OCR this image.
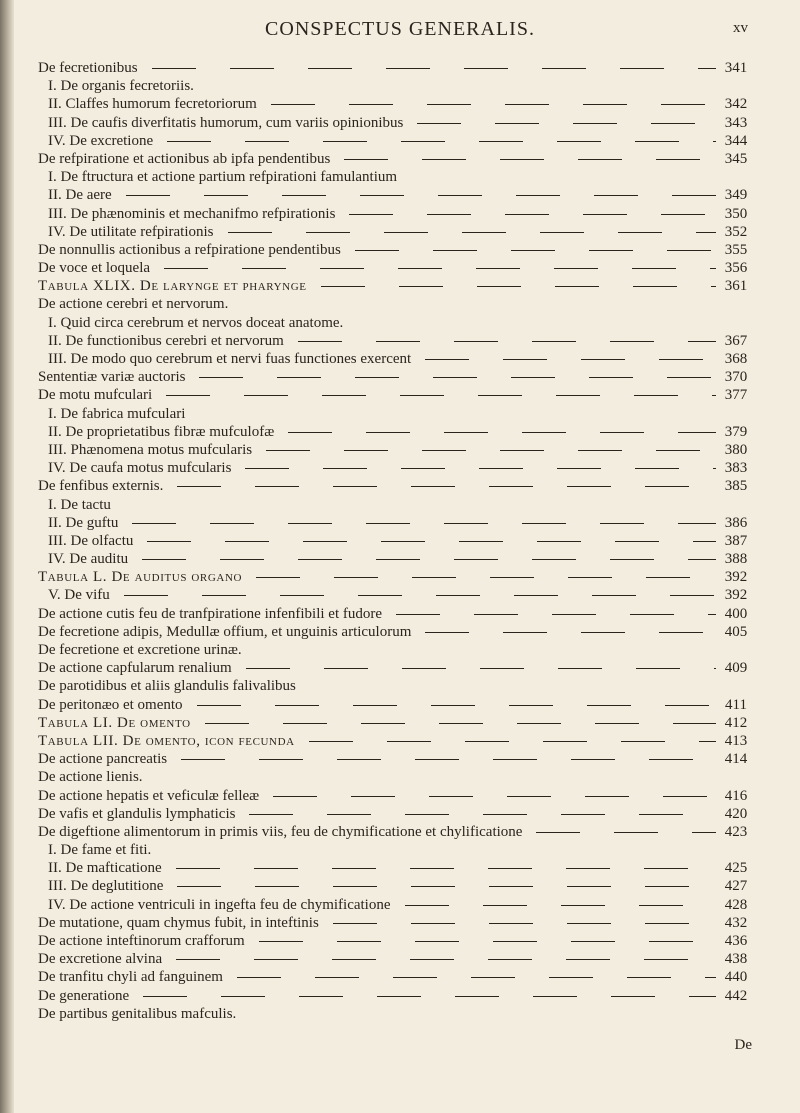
CONSPECTUS GENERALIS.	xv
De fecretionibus	341
I. De organis fecretoriis.
II. Claffes humorum fecretoriorum	342
III. De caufis diverfitatis humorum, cum variis opinionibus	343
IV. De excretione	344
De refpiratione et actionibus ab ipfa pendentibus	345
I. De ftructura et actione partium refpirationi famulantium
II. De aere	349
III. De phænominis et mechanifmo refpirationis	350
IV. De utilitate refpirationis	352
De nonnullis actionibus a refpiratione pendentibus	355
De voce et loquela	356
Tabula XLIX. De larynge et pharynge	361
De actione cerebri et nervorum.
I. Quid circa cerebrum et nervos doceat anatome.
II. De functionibus cerebri et nervorum	367
III. De modo quo cerebrum et nervi fuas functiones exercent	368
Sententiæ variæ auctoris	370
De motu mufculari	377
I. De fabrica mufculari
II. De proprietatibus fibræ mufculofæ	379
III. Phænomena motus mufcularis	380
IV. De caufa motus mufcularis	383
De fenfibus externis.	385
I. De tactu
II. De guftu	386
III. De olfactu	387
IV. De auditu	388
Tabula L. De auditus organo	392
V. De vifu	392
De actione cutis feu de tranfpiratione infenfibili et fudore	400
De fecretione adipis, Medullæ offium, et unguinis articulorum	405
De fecretione et excretione urinæ.
De actione capfularum renalium	409
De parotidibus et aliis glandulis falivalibus
De peritonæo et omento	411
Tabula LI. De omento	412
Tabula LII. De omento, icon fecunda	413
De actione pancreatis	414
De actione lienis.
De actione hepatis et veficulæ felleæ	416
De vafis et glandulis lymphaticis	420
De digeftione alimentorum in primis viis, feu de chymificatione et chylificatione	423
I. De fame et fiti.
II. De mafticatione	425
III. De deglutitione	427
IV. De actione ventriculi in ingefta feu de chymificatione	428
De mutatione, quam chymus fubit, in inteftinis	432
De actione inteftinorum crafforum	436
De excretione alvina	438
De tranfitu chyli ad fanguinem	440
De generatione	442
De partibus genitalibus mafculis.
De
